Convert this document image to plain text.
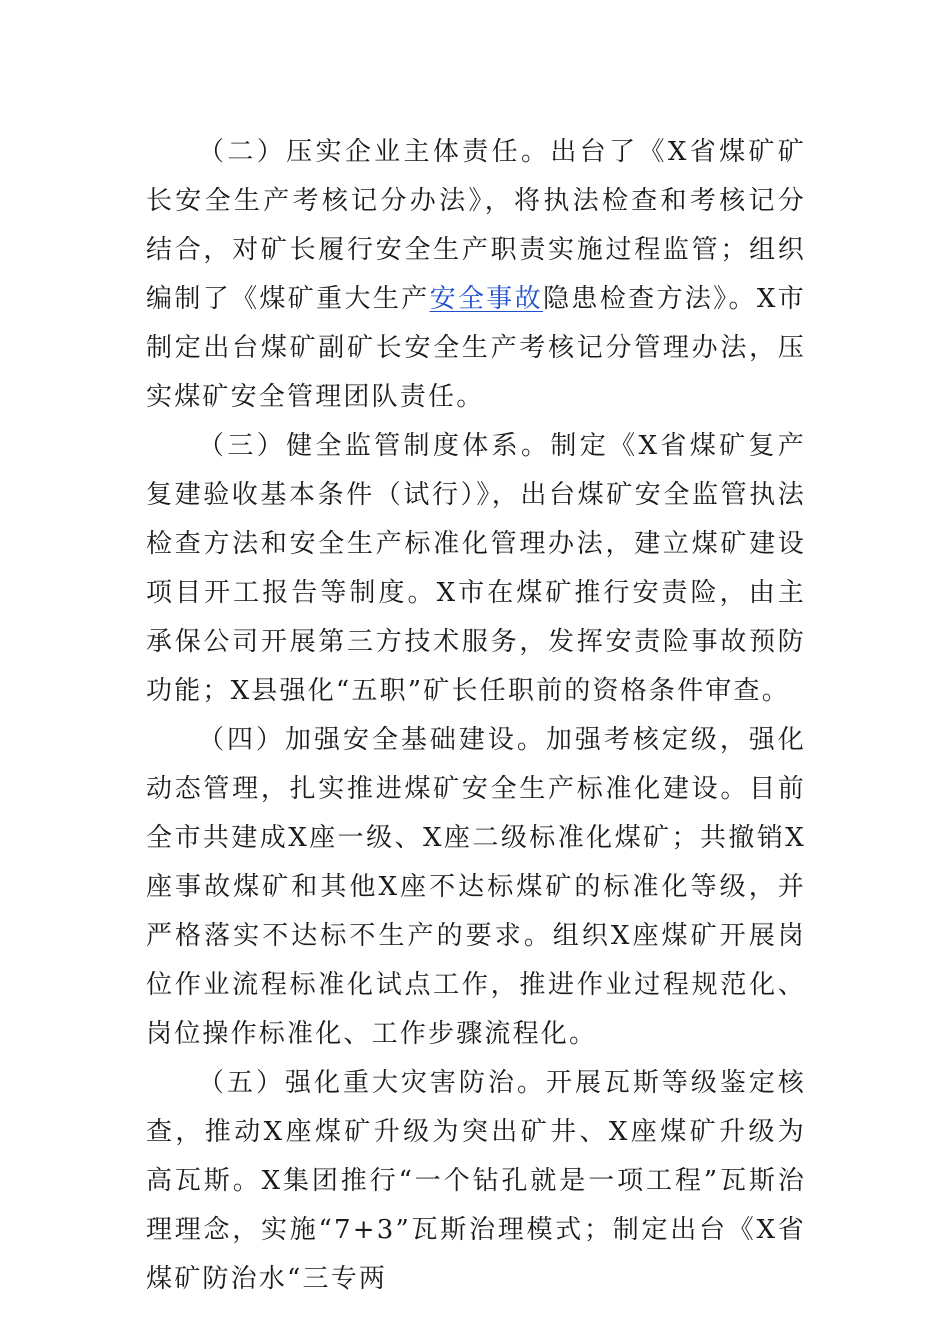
（二）压实企业主体责任。出台了《X省煤矿矿长安全生产考核记分办法》，将执法检查和考核记分结合，对矿长履行安全生产职责实施过程监管；组织编制了《煤矿重大生产安全事故隐患检查方法》。X市制定出台煤矿副矿长安全生产考核记分管理办法，压实煤矿安全管理团队责任。

（三）健全监管制度体系。制定《X省煤矿复产复建验收基本条件（试行）》，出台煤矿安全监管执法检查方法和安全生产标准化管理办法，建立煤矿建设项目开工报告等制度。X市在煤矿推行安责险，由主承保公司开展第三方技术服务，发挥安责险事故预防功能；X县强化“五职”矿长任职前的资格条件审查。

（四）加强安全基础建设。加强考核定级，强化动态管理，扎实推进煤矿安全生产标准化建设。目前全市共建成X座一级、X座二级标准化煤矿；共撤销X座事故煤矿和其他X座不达标煤矿的标准化等级，并严格落实不达标不生产的要求。组织X座煤矿开展岗位作业流程标准化试点工作，推进作业过程规范化、岗位操作标准化、工作步骤流程化。

（五）强化重大灾害防治。开展瓦斯等级鉴定核查，推动X座煤矿升级为突出矿井、X座煤矿升级为高瓦斯。X集团推行“一个钻孔就是一项工程”瓦斯治理理念，实施“7+3”瓦斯治理模式；制定出台《X省煤矿防治水“三专两
